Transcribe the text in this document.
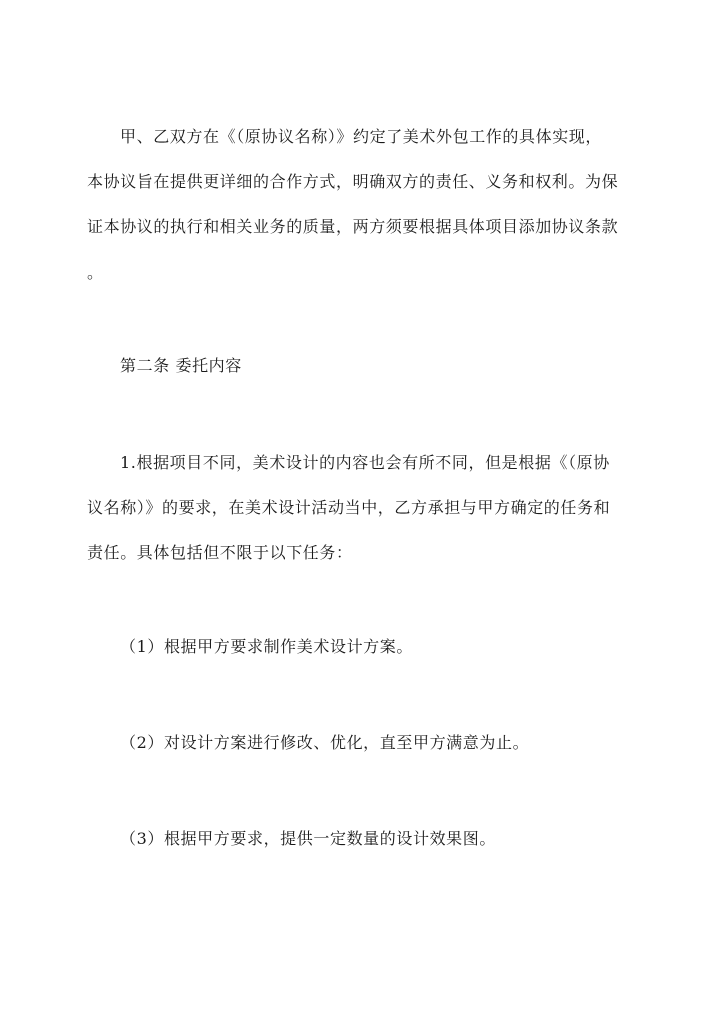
甲、乙双方在《（原协议名称）》约定了美术外包工作的具体实现，

本协议旨在提供更详细的合作方式，明确双方的责任、义务和权利。为保

证本协议的执行和相关业务的质量，两方须要根据具体项目添加协议条款

。

第二条 委托内容

1.根据项目不同，美术设计的内容也会有所不同，但是根据《（原协

议名称）》的要求，在美术设计活动当中，乙方承担与甲方确定的任务和

责任。具体包括但不限于以下任务：

（1）根据甲方要求制作美术设计方案。

（2）对设计方案进行修改、优化，直至甲方满意为止。

（3）根据甲方要求，提供一定数量的设计效果图。
